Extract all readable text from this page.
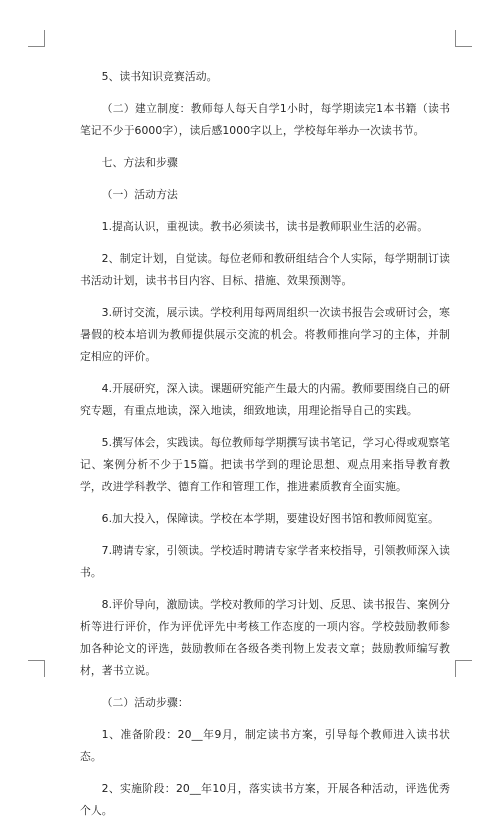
5、读书知识竞赛活动。

（二）建立制度：教师每人每天自学1小时，每学期读完1本书籍（读书笔记不少于6000字），读后感1000字以上，学校每年举办一次读书节。

七、方法和步骤

（一）活动方法

1.提高认识，重视读。教书必须读书，读书是教师职业生活的必需。

2、制定计划，自觉读。每位老师和教研组结合个人实际，每学期制订读书活动计划，读书书目内容、目标、措施、效果预测等。

3.研讨交流，展示读。学校利用每两周组织一次读书报告会或研讨会，寒暑假的校本培训为教师提供展示交流的机会。将教师推向学习的主体，并制定相应的评价。

4.开展研究，深入读。课题研究能产生最大的内需。教师要围绕自己的研究专题，有重点地读，深入地读，细致地读，用理论指导自己的实践。

5.撰写体会，实践读。每位教师每学期撰写读书笔记，学习心得或观察笔记、案例分析不少于15篇。把读书学到的理论思想、观点用来指导教育教学，改进学科教学、德育工作和管理工作，推进素质教育全面实施。

6.加大投入，保障读。学校在本学期，要建设好图书馆和教师阅览室。

7.聘请专家，引领读。学校适时聘请专家学者来校指导，引领教师深入读书。

8.评价导向，激励读。学校对教师的学习计划、反思、读书报告、案例分析等进行评价，作为评优评先中考核工作态度的一项内容。学校鼓励教师参加各种论文的评选，鼓励教师在各级各类刊物上发表文章；鼓励教师编写教材，著书立说。

（二）活动步骤：

1、准备阶段：20__年9月，制定读书方案，引导每个教师进入读书状态。

2、实施阶段：20__年10月，落实读书方案，开展各种活动，评选优秀个人。
